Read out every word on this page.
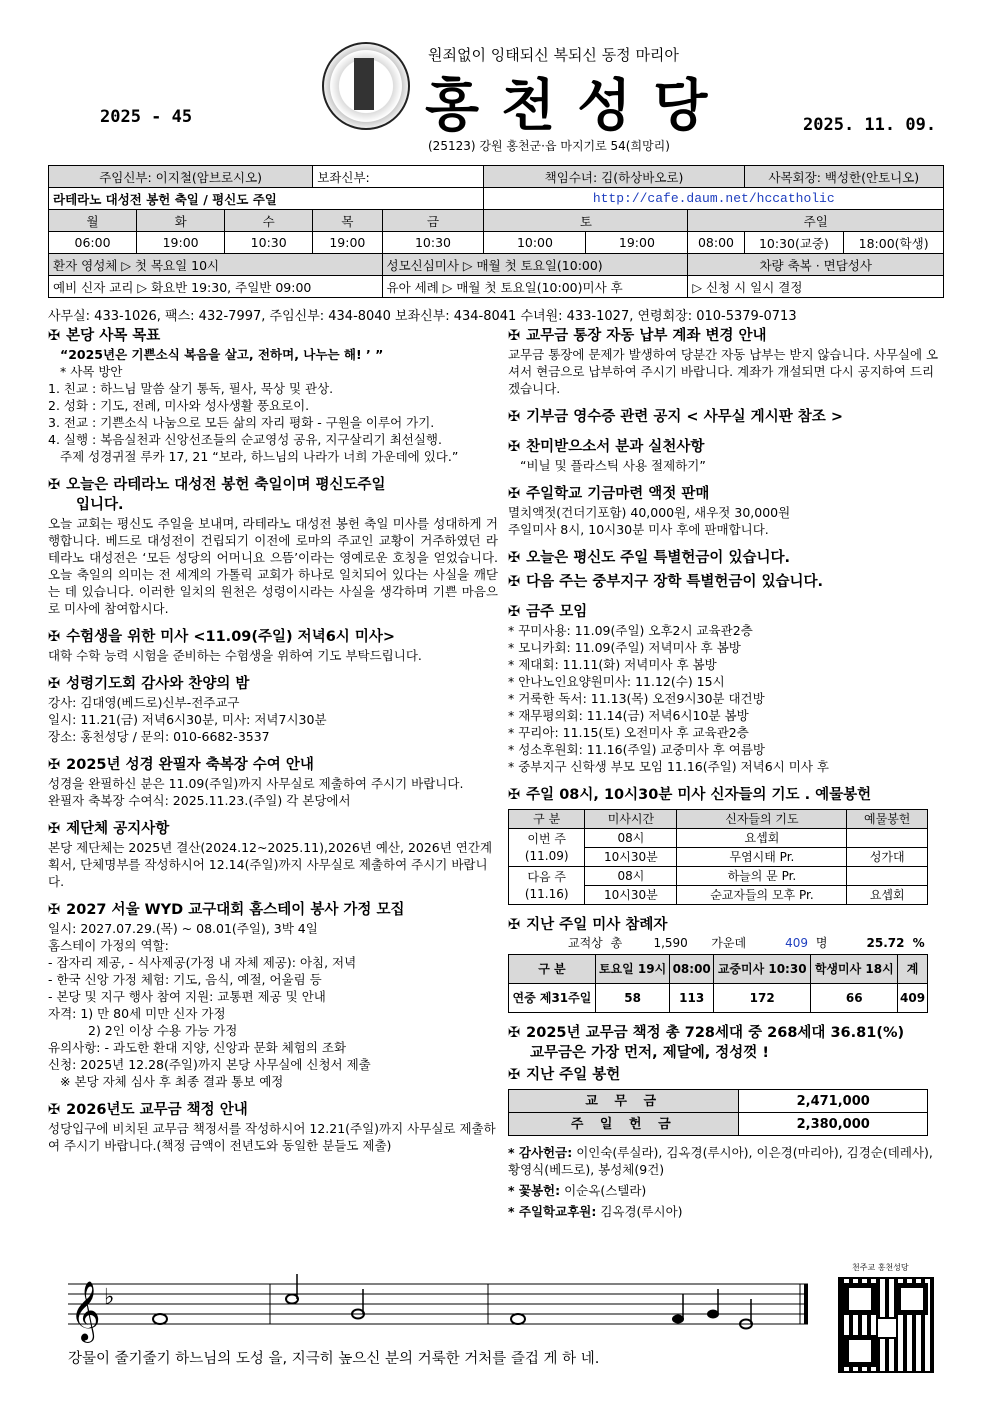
원죄없이 잉태되신 복되신 동정 마리아
홍천성당
2025 - 45	2025. 11. 09.
(25123) 강원 홍천군·읍 마지기로 54(희망리)
주임신부: 이지철(암브로시오)			보좌신부:		책임수녀: 김(하상바오로)			사목회장: 백성한(안토니오)	
라테라노 대성전 봉헌 축일 / 평신도 주일					http://cafe.daum.net/hccatholic				
월	화	수	목	금	토		주일		
06:00	19:00	10:30	19:00	10:30	10:00	19:00	08:00	10:30(교중)	18:00(학생)
환자 영성체 ▷ 첫 목요일 10시				성모신심미사 ▷ 매월 첫 토요일(10:00)			차량 축복 · 면담성사		
예비 신자 교리 ▷ 화요반 19:30, 주일반 09:00				유아 세례 ▷ 매월 첫 토요일(10:00)미사 후			▷ 신청 시 일시 결정		
사무실: 433-1026, 팩스: 432-7997, 주임신부: 434-8040 보좌신부: 434-8041 수녀원: 433-1027, 연령회장: 010-5379-0713
✠ 본당 사목 목표

“2025년은 기쁜소식 복음을 살고, 전하며, 나누는 해! ’ ”

* 사목 방안

1. 친교 : 하느님 말씀 살기 통독, 필사, 묵상 및 관상.

2. 성화 : 기도, 전례, 미사와 성사생활 풍요로이.

3. 전교 : 기쁜소식 나눔으로 모든 삶의 자리 평화 - 구원을 이루어 가기.

4. 실행 : 복음실천과 신앙선조들의 순교영성 공유, 지구살리기 최선실행.

주제 성경귀절 루카 17, 21 “보라, 하느님의 나라가 너희 가운데에 있다.”

✠ 오늘은 라테라노 대성전 봉헌 축일이며 평신도주일
입니다.

오늘 교회는 평신도 주일을 보내며, 라테라노 대성전 봉헌 축일 미사를 성대하게 거행합니다. 베드로 대성전이 건립되기 이전에 로마의 주교인 교황이 거주하였던 라테라노 대성전은 ‘모든 성당의 어머니요 으뜸’이라는 영예로운 호칭을 얻었습니다. 오늘 축일의 의미는 전 세계의 가톨릭 교회가 하나로 일치되어 있다는 사실을 깨닫는 데 있습니다. 이러한 일치의 원천은 성령이시라는 사실을 생각하며 기쁜 마음으로 미사에 참여합시다.

✠ 수험생을 위한 미사 <11.09(주일) 저녁6시 미사>

대학 수학 능력 시험을 준비하는 수험생을 위하여 기도 부탁드립니다.

✠ 성령기도회 감사와 찬양의 밤

강사: 김대영(베드로)신부-전주교구

일시: 11.21(금) 저녁6시30분, 미사: 저녁7시30분

장소: 홍천성당 / 문의: 010-6682-3537

✠ 2025년 성경 완필자 축복장 수여 안내

성경을 완필하신 분은 11.09(주일)까지 사무실로 제출하여 주시기 바랍니다.

완필자 축복장 수여식: 2025.11.23.(주일) 각 본당에서

✠ 제단체 공지사항

본당 제단체는 2025년 결산(2024.12~2025.11),2026년 예산, 2026년 연간계획서, 단체명부를 작성하시어 12.14(주일)까지 사무실로 제출하여 주시기 바랍니다.

✠ 2027 서울 WYD 교구대회 홈스테이 봉사 가정 모집

일시: 2027.07.29.(목) ~ 08.01(주일), 3박 4일

홈스테이 가정의 역할:

- 잠자리 제공, - 식사제공(가정 내 자체 제공): 아침, 저녁

- 한국 신앙 가정 체험: 기도, 음식, 예절, 어울림 등

- 본당 및 지구 행사 참여 지원: 교통편 제공 및 안내

자격: 1) 만 80세 미만 신자 가정

2) 2인 이상 수용 가능 가정

유의사항: - 과도한 환대 지양, 신앙과 문화 체험의 조화

신청: 2025년 12.28(주일)까지 본당 사무실에 신청서 제출

※ 본당 자체 심사 후 최종 결과 통보 예정

✠ 2026년도 교무금 책정 안내

성당입구에 비치된 교무금 책정서를 작성하시어 12.21(주일)까지 사무실로 제출하여 주시기 바랍니다.(책정 금액이 전년도와 동일한 분들도 제출)

✠ 교무금 통장 자동 납부 계좌 변경 안내

교무금 통장에 문제가 발생하여 당분간 자동 납부는 받지 않습니다. 사무실에 오셔서 현금으로 납부하여 주시기 바랍니다. 계좌가 개설되면 다시 공지하여 드리겠습니다.

✠ 기부금 영수증 관련 공지 < 사무실 게시판 참조 >
✠ 찬미받으소서 분과 실천사항

“비닐 및 플라스틱 사용 절제하기”

✠ 주일학교 기금마련 액젓 판매

멸치액젓(건더기포함) 40,000원, 새우젓 30,000원

주일미사 8시, 10시30분 미사 후에 판매합니다.

✠ 오늘은 평신도 주일 특별헌금이 있습니다.
✠ 다음 주는 중부지구 장학 특별헌금이 있습니다.
✠ 금주 모임

* 꾸미사용: 11.09(주일) 오후2시 교육관2층

* 모니카회: 11.09(주일) 저녁미사 후 봄방

* 제대회: 11.11(화) 저녁미사 후 봄방

* 안나노인요양원미사: 11.12(수) 15시

* 거룩한 독서: 11.13(목) 오전9시30분 대건방

* 재무평의회: 11.14(금) 저녁6시10분 봄방

* 꾸리아: 11.15(토) 오전미사 후 교육관2층

* 성소후원회: 11.16(주일) 교중미사 후 여름방

* 중부지구 신학생 부모 모임 11.16(주일) 저녁6시 미사 후

✠ 주일 08시, 10시30분 미사 신자들의 기도 . 예물봉헌
구 분	미사시간	신자들의 기도	예물봉헌
이번 주
(11.09)	08시	요셉회	
	10시30분	무염시태 Pr.	성가대
다음 주
(11.16)	08시	하늘의 문 Pr.	
	10시30분	순교자들의 모후 Pr.	요셉회
✠ 지난 주일 미사 참례자
교적상 총	1,590 가운데	409 명	25.72 %
구 분	토요일 19시	08:00	교중미사 10:30	학생미사 18시	계
연중 제31주일	58	113	172	66	409
✠ 2025년 교무금 책정 총 728세대 중 268세대 36.81(%)
교무금은 가장 먼저, 제달에, 정성껏 !
✠ 지난 주일 봉헌
교 무 금	2,471,000
주 일 헌 금	2,380,000

* 감사헌금: 이인숙(루실라), 김옥경(루시아), 이은경(마리아), 김경순(데레사), 황영식(베드로), 봉성체(9건)

* 꽃봉헌: 이순옥(스텔라)

* 주일학교후원: 김옥경(루시아)

𝄞 ♭
강물이 줄기줄기 하느님의 도성 을, 지극히 높으신 분의 거룩한 거처를 즐겁 게 하 네.
천주교 홍천성당
